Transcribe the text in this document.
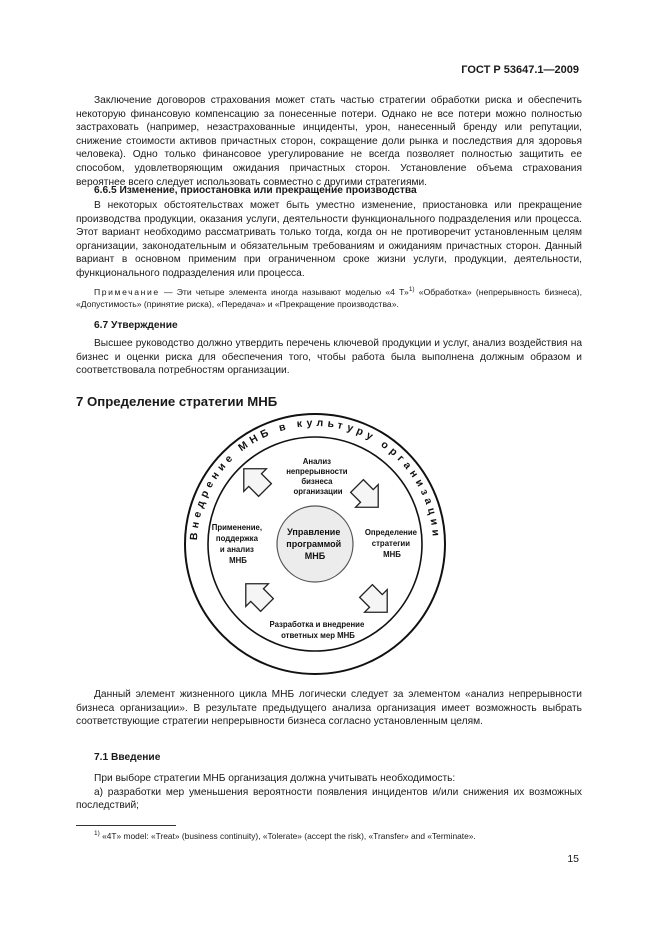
ГОСТ Р 53647.1—2009

Заключение договоров страхования может стать частью стратегии обработки риска и обеспечить некоторую финансовую компенсацию за понесенные потери. Однако не все потери можно полностью застраховать (например, незастрахованные инциденты, урон, нанесенный бренду или репутации, снижение стоимости активов причастных сторон, сокращение доли рынка и последствия для здоровья человека). Одно только финансовое урегулирование не всегда позволяет полностью защитить ее способом, удовлетворяющим ожидания причастных сторон. Установление объема страхования вероятнее всего следует использовать совместно с другими стратегиями.

6.6.5 Изменение, приостановка или прекращение производства

В некоторых обстоятельствах может быть уместно изменение, приостановка или прекращение производства продукции, оказания услуги, деятельности функционального подразделения или процесса. Этот вариант необходимо рассматривать только тогда, когда он не противоречит установленным целям организации, законодательным и обязательным требованиям и ожиданиям причастных сторон. Данный вариант в основном применим при ограниченном сроке жизни услуги, продукции, деятельности, функционального подразделения или процесса.

Примечание — Эти четыре элемента иногда называют моделью «4 Т»$^{1)}$ «Обработка» (непрерывность бизнеса), «Допустимость» (принятие риска), «Передача» и «Прекращение производства».

6.7 Утверждение

Высшее руководство должно утвердить перечень ключевой продукции и услуг, анализ воздействия на бизнес и оценки риска для обеспечения того, чтобы работа была выполнена должным образом и соответствовала потребностям организации.

7 Определение стратегии МНБ
Внедрение МНБ в культуру организации
Управление программой МНБ
Анализ непрерывности бизнеса организации
Определение стратегии МНБ
Разработка и внедрение ответных мер МНБ
Применение, поддержка и анализ МНБ

Данный элемент жизненного цикла МНБ логически следует за элементом «анализ непрерывности бизнеса организации». В результате предыдущего анализа организация имеет возможность выбрать соответствующие стратегии непрерывности бизнеса согласно установленным целям.

7.1 Введение

При выборе стратегии МНБ организация должна учитывать необходимость:

а) разработки мер уменьшения вероятности появления инцидентов и/или снижения их возможных последствий;

$^{1)}$ «4T» model: «Treat» (business continuity), «Tolerate» (accept the risk), «Transfer» and «Terminate».
15
